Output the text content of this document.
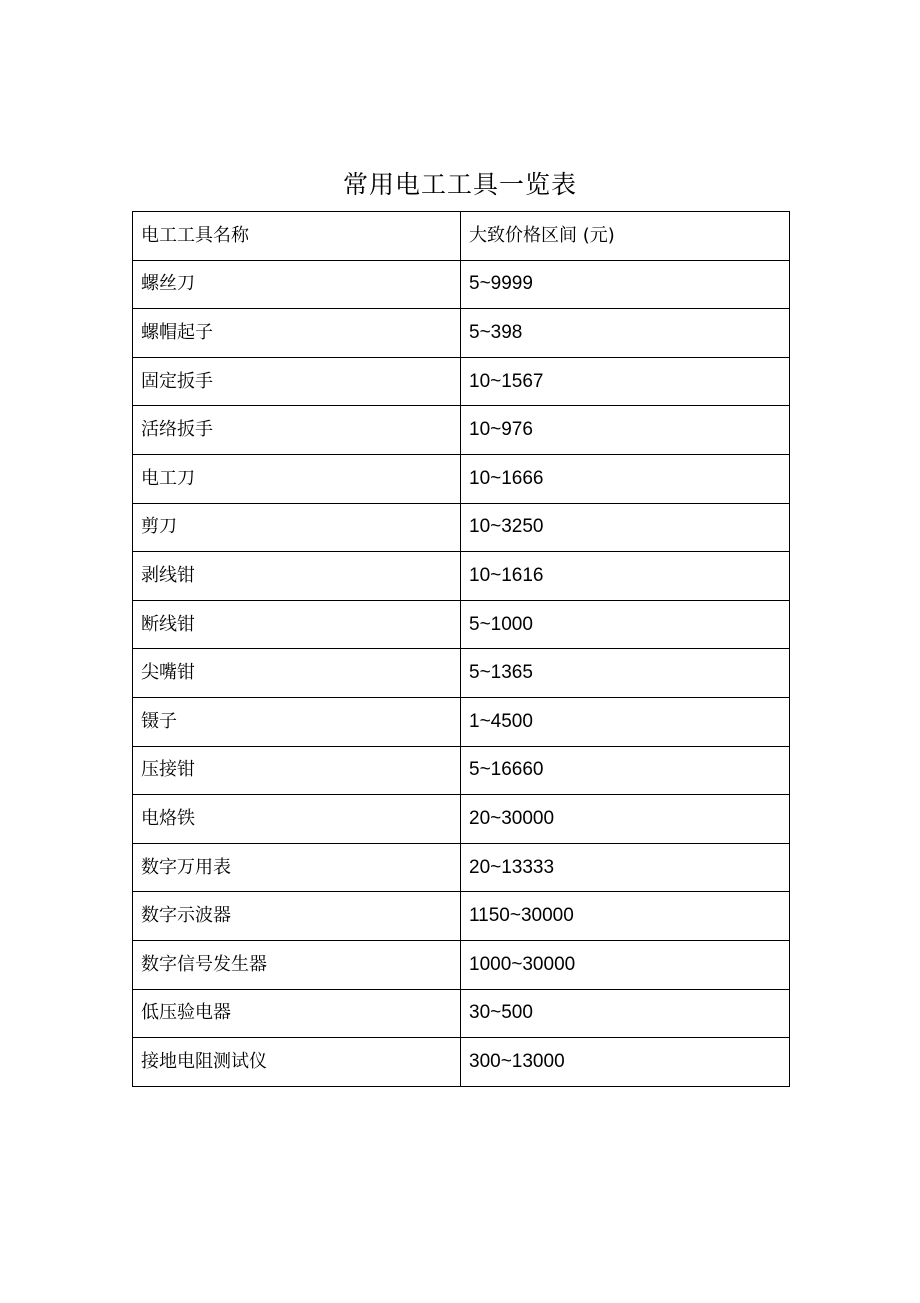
常用电工工具一览表
电工工具名称	大致价格区间 (元)
螺丝刀	5~9999
螺帽起子	5~398
固定扳手	10~1567
活络扳手	10~976
电工刀	10~1666
剪刀	10~3250
剥线钳	10~1616
断线钳	5~1000
尖嘴钳	5~1365
镊子	1~4500
压接钳	5~16660
电烙铁	20~30000
数字万用表	20~13333
数字示波器	1150~30000
数字信号发生器	1000~30000
低压验电器	30~500
接地电阻测试仪	300~13000
